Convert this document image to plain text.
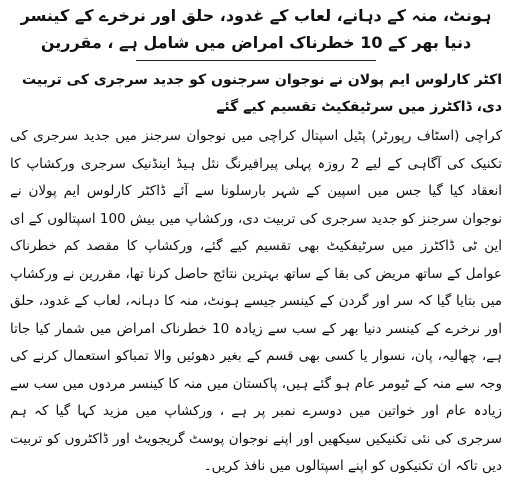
ہونٹ، منہ کے دہانے، لعاب کے غدود، حلق اور نرخرے کے کینسر دنیا بھر کے 10 خطرناک امراض میں شامل ہے ، مقررین
اکٹر کارلوس ایم پولان نے نوجوان سرجنوں کو جدید سرجری کی تربیت دی، ڈاکٹرز میں سرٹیفکیٹ تقسیم کیے گئے

کراچی (اسٹاف رپورٹر) پٹیل اسپتال کراچی میں نوجوان سرجنز میں جدید سرجری کی تکنیک کی آگاہی کے لیے 2 روزہ پہلی پیرافیرنگ نئل ہیڈ اینڈنیک سرجری ورکشاپ کا انعقاد کیا گیا جس میں اسپین کے شہر بارسلونا سے آئے ڈاکٹر کارلوس ایم پولان نے نوجوان سرجنز کو جدید سرجری کی تربیت دی، ورکشاپ میں بیش 100 اسپتالوں کے ای این ٹی ڈاکٹرز میں سرٹیفکیٹ بھی تقسیم کیے گئے، ورکشاپ کا مقصد کم خطرناک عوامل کے ساتھ مریض کی بقا کے ساتھ بہترین نتائج حاصل کرنا تھا، مقررین نے ورکشاپ میں بتایا گیا کہ سر اور گردن کے کینسر جیسے ہونٹ، منہ کا دہانہ، لعاب کے غدود، حلق اور نرخرے کے کینسر دنیا بھر کے سب سے زیادہ 10 خطرناک امراض میں شمار کیا جاتا ہے، چھالیہ، پان، نسوار یا کسی بھی قسم کے بغیر دھوئیں والا تمباکو استعمال کرنے کی وجہ سے منہ کے ٹیومر عام ہو گئے ہیں، پاکستان میں منہ کا کینسر مردوں میں سب سے زیادہ عام اور خواتین میں دوسرے نمبر پر ہے ، ورکشاپ میں مزید کہا گیا کہ ہم سرجری کی نئی تکنیکیں سیکھیں اور اپنے نوجوان پوسٹ گریجویٹ اور ڈاکٹروں کو تربیت دیں تاکہ ان تکنیکوں کو اپنے اسپتالوں میں نافذ کریں۔
